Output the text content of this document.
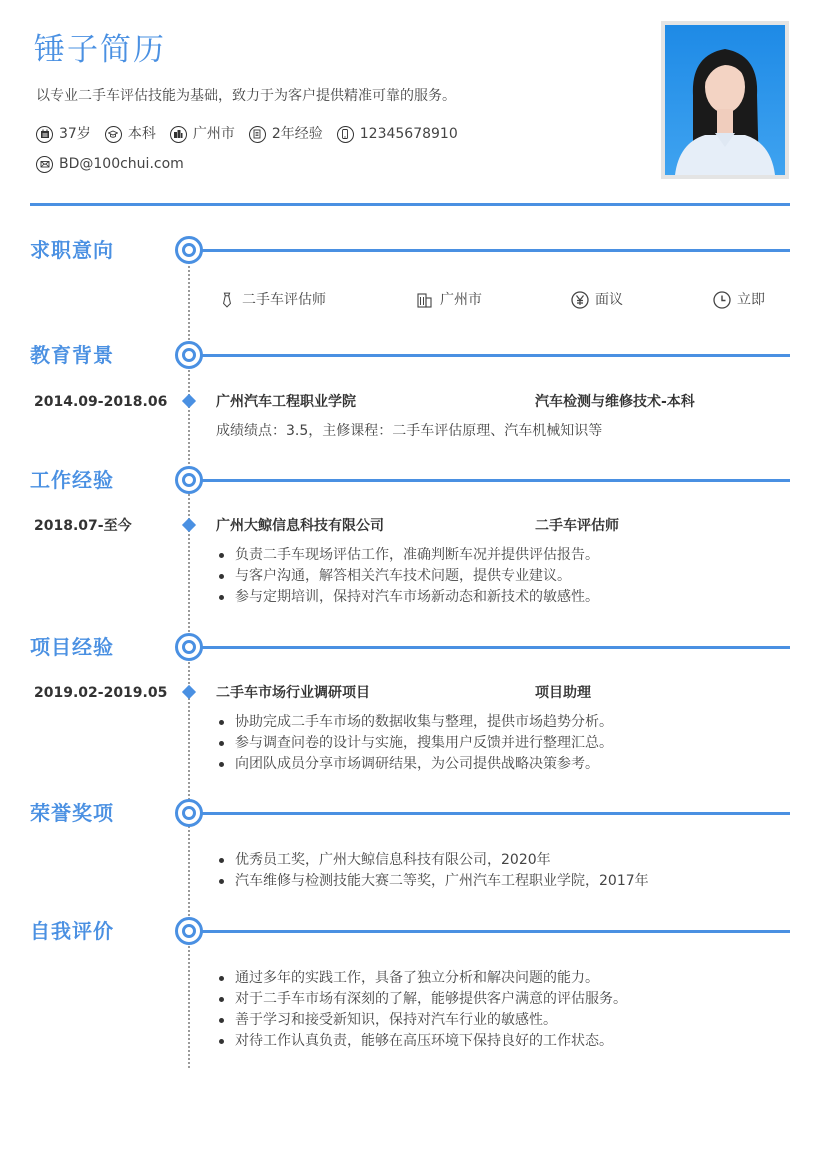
锤子简历
以专业二手车评估技能为基础，致力于为客户提供精准可靠的服务。
37岁	本科	广州市	2年经验	12345678910
BD@100chui.com
求职意向
二手车评估师	广州市	面议	立即
教育背景
2014.09-2018.06	广州汽车工程职业学院	汽车检测与维修技术-本科
成绩绩点：3.5，主修课程：二手车评估原理、汽车机械知识等
工作经验
2018.07-至今	广州大鲸信息科技有限公司	二手车评估师
负责二手车现场评估工作，准确判断车况并提供评估报告。
与客户沟通，解答相关汽车技术问题，提供专业建议。
参与定期培训，保持对汽车市场新动态和新技术的敏感性。
项目经验
2019.02-2019.05	二手车市场行业调研项目	项目助理
协助完成二手车市场的数据收集与整理，提供市场趋势分析。
参与调查问卷的设计与实施，搜集用户反馈并进行整理汇总。
向团队成员分享市场调研结果，为公司提供战略决策参考。
荣誉奖项
优秀员工奖，广州大鲸信息科技有限公司，2020年
汽车维修与检测技能大赛二等奖，广州汽车工程职业学院，2017年
自我评价
通过多年的实践工作，具备了独立分析和解决问题的能力。
对于二手车市场有深刻的了解，能够提供客户满意的评估服务。
善于学习和接受新知识，保持对汽车行业的敏感性。
对待工作认真负责，能够在高压环境下保持良好的工作状态。
